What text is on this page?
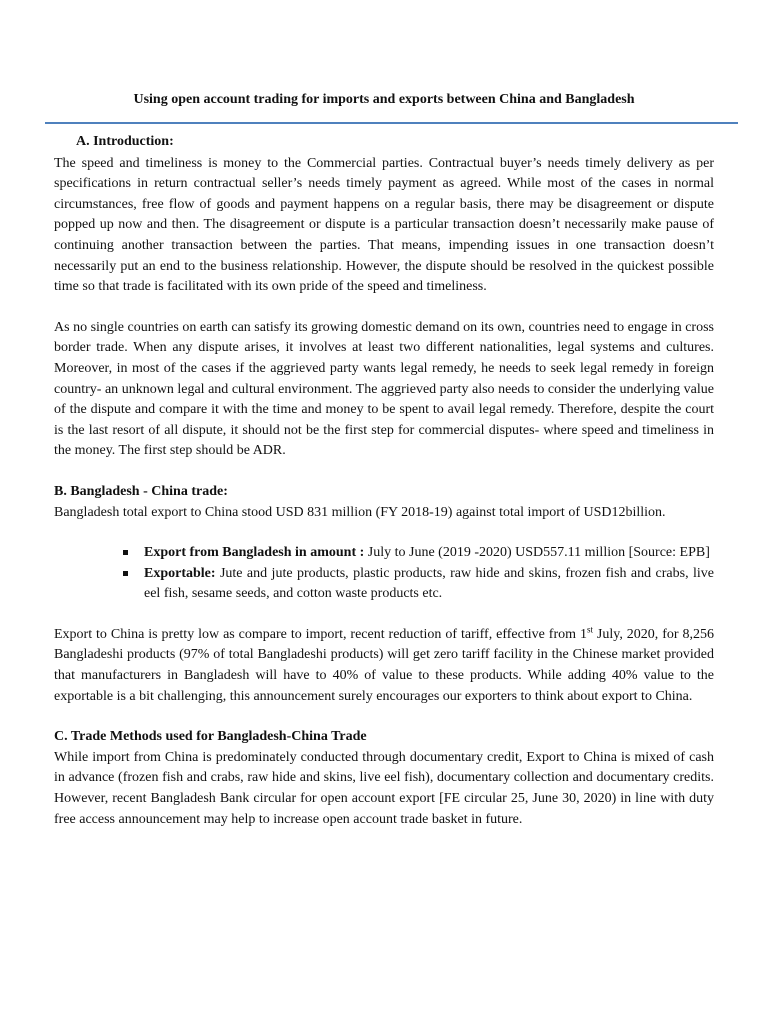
Using open account trading for imports and exports between China and Bangladesh
A. Introduction:

The speed and timeliness is money to the Commercial parties. Contractual buyer’s needs timely delivery as per specifications in return contractual seller’s needs timely payment as agreed. While most of the cases in normal circumstances, free flow of goods and payment happens on a regular basis, there may be disagreement or dispute popped up now and then. The disagreement or dispute is a particular transaction doesn’t necessarily make pause of continuing another transaction between the parties. That means, impending issues in one transaction doesn’t necessarily put an end to the business relationship. However, the dispute should be resolved in the quickest possible time so that trade is facilitated with its own pride of the speed and timeliness.

As no single countries on earth can satisfy its growing domestic demand on its own, countries need to engage in cross border trade. When any dispute arises, it involves at least two different nationalities, legal systems and cultures. Moreover, in most of the cases if the aggrieved party wants legal remedy, he needs to seek legal remedy in foreign country- an unknown legal and cultural environment. The aggrieved party also needs to consider the underlying value of the dispute and compare it with the time and money to be spent to avail legal remedy. Therefore, despite the court is the last resort of all dispute, it should not be the first step for commercial disputes- where speed and timeliness in the money. The first step should be ADR.

B. Bangladesh - China trade:

Bangladesh total export to China stood USD 831 million (FY 2018-19) against total import of USD12billion.

Export from Bangladesh in amount : July to June (2019 -2020) USD557.11 million [Source: EPB]
Exportable: Jute and jute products, plastic products, raw hide and skins, frozen fish and crabs, live eel fish, sesame seeds, and cotton waste products etc.

Export to China is pretty low as compare to import, recent reduction of tariff, effective from 1st July, 2020, for 8,256 Bangladeshi products (97% of total Bangladeshi products) will get zero tariff facility in the Chinese market provided that manufacturers in Bangladesh will have to 40% of value to these products. While adding 40% value to the exportable is a bit challenging, this announcement surely encourages our exporters to think about export to China.

C. Trade Methods used for Bangladesh-China Trade

While import from China is predominately conducted through documentary credit, Export to China is mixed of cash in advance (frozen fish and crabs, raw hide and skins, live eel fish), documentary collection and documentary credits. However, recent Bangladesh Bank circular for open account export [FE circular 25, June 30, 2020) in line with duty free access announcement may help to increase open account trade basket in future.
